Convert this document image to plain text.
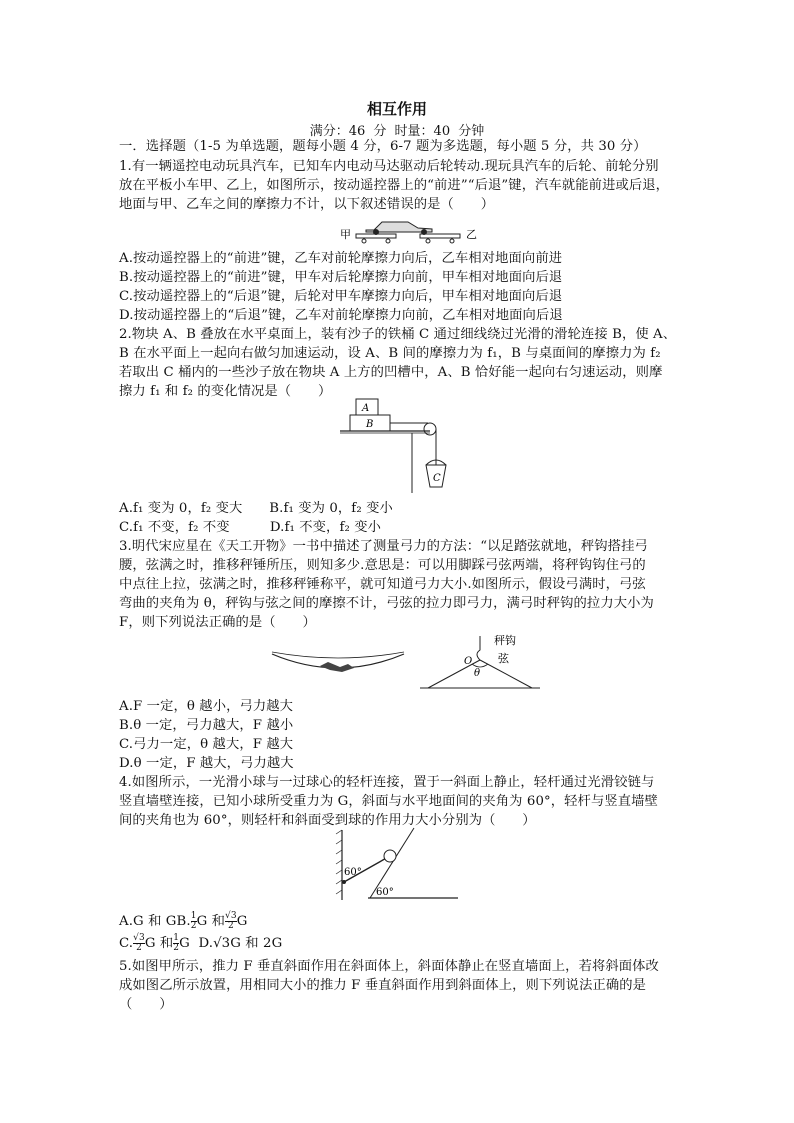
相互作用
满分：46 分 时量：40 分钟
一．选择题（1-5 为单选题，题每小题 4 分，6-7 题为多选题，每小题 5 分，共 30 分）
1.有一辆遥控电动玩具汽车，已知车内电动马达驱动后轮转动.现玩具汽车的后轮、前轮分别
放在平板小车甲、乙上，如图所示，按动遥控器上的“前进”“后退”键，汽车就能前进或后退，
地面与甲、乙车之间的摩擦力不计，以下叙述错误的是（　　）
甲	乙
A.按动遥控器上的“前进”键，乙车对前轮摩擦力向后，乙车相对地面向前进
B.按动遥控器上的“前进”键，甲车对后轮摩擦力向前，甲车相对地面向后退
C.按动遥控器上的“后退”键，后轮对甲车摩擦力向后，甲车相对地面向后退
D.按动遥控器上的“后退”键，乙车对前轮摩擦力向前，乙车相对地面向后退
2.物块 A、B 叠放在水平桌面上，装有沙子的铁桶 C 通过细线绕过光滑的滑轮连接 B，使 A、
B 在水平面上一起向右做匀加速运动，设 A、B 间的摩擦力为 f₁，B 与桌面间的摩擦力为 f₂
若取出 C 桶内的一些沙子放在物块 A 上方的凹槽中，A、B 恰好能一起向右匀速运动，则摩
擦力 f₁ 和 f₂ 的变化情况是（　　）
A
B
C
A.f₁ 变为 0，f₂ 变大　　B.f₁ 变为 0，f₂ 变小
C.f₁ 不变，f₂ 不变　　　D.f₁ 不变，f₂ 变小
3.明代宋应星在《天工开物》一书中描述了测量弓力的方法：“以足踏弦就地，秤钩搭挂弓
腰，弦满之时，推移秤锤所压，则知多少.意思是：可以用脚踩弓弦两端，将秤钩钩住弓的
中点往上拉，弦满之时，推移秤锤称平，就可知道弓力大小.如图所示，假设弓满时，弓弦
弯曲的夹角为 θ，秤钩与弦之间的摩擦不计，弓弦的拉力即弓力，满弓时秤钩的拉力大小为
F，则下列说法正确的是（　　）
O
秤钩
弦
θ
A.F 一定，θ 越小，弓力越大
B.θ 一定，弓力越大，F 越小
C.弓力一定，θ 越大，F 越大
D.θ 一定，F 越大，弓力越大
4.如图所示，一光滑小球与一过球心的轻杆连接，置于一斜面上静止，轻杆通过光滑铰链与
竖直墙壁连接，已知小球所受重力为 G，斜面与水平地面间的夹角为 60°，轻杆与竖直墙壁
间的夹角也为 60°，则轻杆和斜面受到球的作用力大小分别为（　　）
60°
60°
A.G 和 GB. $\frac{1}{2}$ G 和 $\frac{√3}{2}$ G
C. $\frac{√3}{2}$ G 和 $\frac{1}{2}$ G D.√3G 和 2G
5.如图甲所示，推力 F 垂直斜面作用在斜面体上，斜面体静止在竖直墙面上，若将斜面体改
成如图乙所示放置，用相同大小的推力 F 垂直斜面作用到斜面体上，则下列说法正确的是
（　　）
